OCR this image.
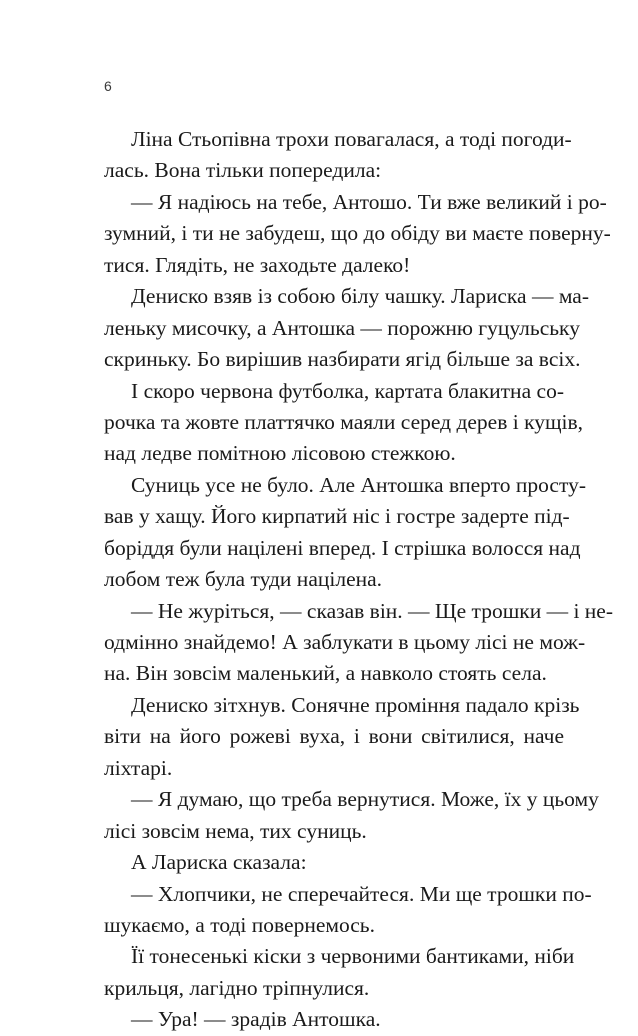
6
Ліна Стьопівна трохи повагалася, а тоді погоди-
лась. Вона тільки попередила:
— Я надіюсь на тебе, Антошо. Ти вже великий і ро-
зумний, і ти не забудеш, що до обіду ви маєте поверну-
тися. Глядіть, не заходьте далеко!
Дениско взяв із собою білу чашку. Лариска — ма-
леньку мисочку, а Антошка — порожню гуцульську
скриньку. Бо вирішив назбирати ягід більше за всіх.
І скоро червона футболка, картата блакитна со-
рочка та жовте платтячко маяли серед дерев і кущів,
над ледве помітною лісовою стежкою.
Суниць усе не було. Але Антошка вперто просту-
вав у хащу. Його кирпатий ніс і гостре задерте під-
боріддя були націлені вперед. І стрішка волосся над
лобом теж була туди націлена.
— Не журіться, — сказав він. — Ще трошки — і не-
одмінно знайдемо! А заблукати в цьому лісі не мож-
на. Він зовсім маленький, а навколо стоять села.
Дениско зітхнув. Сонячне проміння падало крізь
віти на його рожеві вуха, і вони світилися, наче
ліхтарі.
— Я думаю, що треба вернутися. Може, їх у цьому
лісі зовсім нема, тих суниць.
А Лариска сказала:
— Хлопчики, не сперечайтеся. Ми ще трошки по-
шукаємо, а тоді повернемось.
Її тонесенькі кіски з червоними бантиками, ніби
крильця, лагідно тріпнулися.
— Ура! — зрадів Антошка.
